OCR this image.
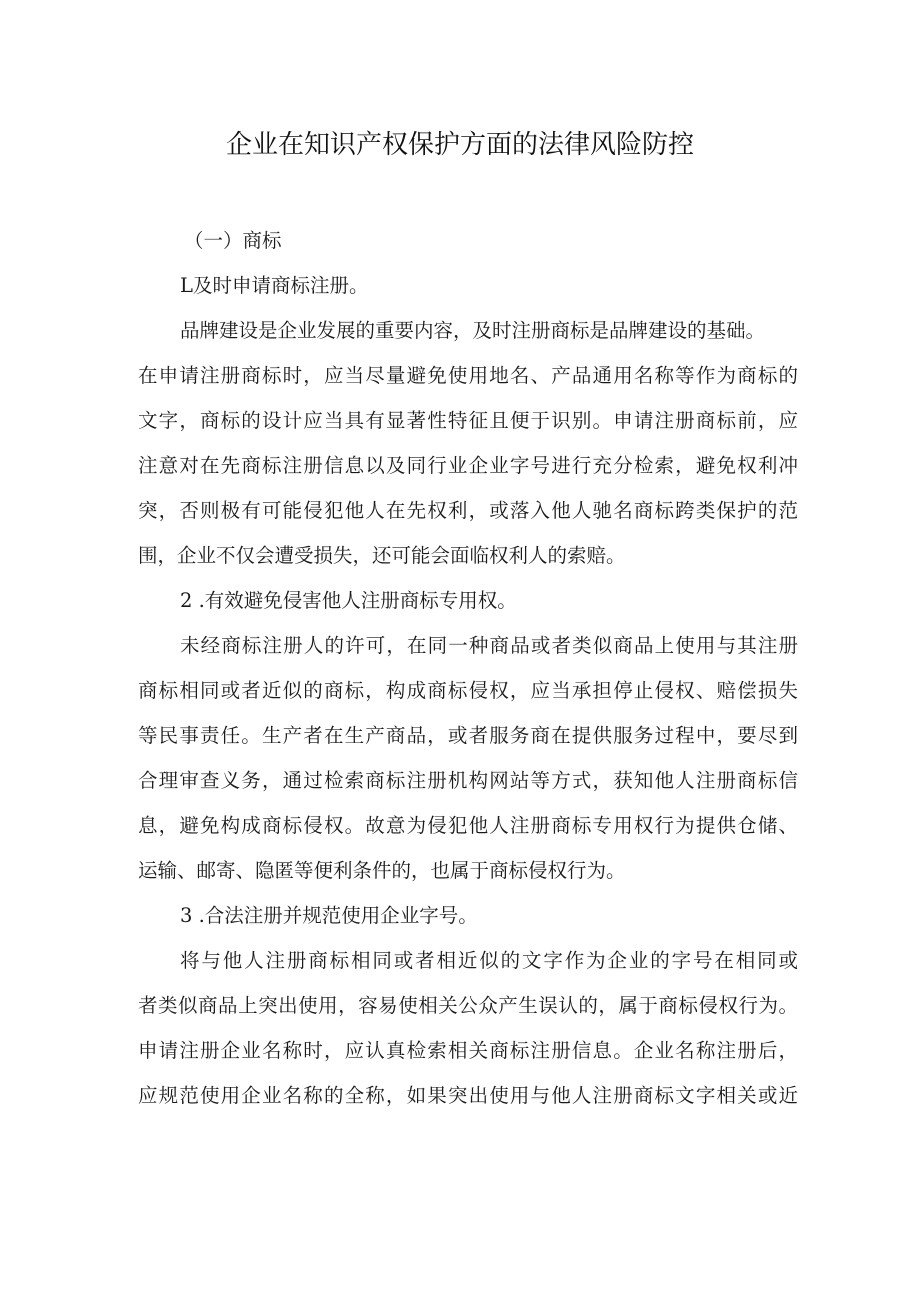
企业在知识产权保护方面的法律风险防控

（一）商标

L及时申请商标注册。

品牌建设是企业发展的重要内容，及时注册商标是品牌建设的基础。

在申请注册商标时，应当尽量避免使用地名、产品通用名称等作为商标的

文字，商标的设计应当具有显著性特征且便于识别。申请注册商标前，应

注意对在先商标注册信息以及同行业企业字号进行充分检索，避免权利冲

突，否则极有可能侵犯他人在先权利，或落入他人驰名商标跨类保护的范

围，企业不仅会遭受损失，还可能会面临权利人的索赔。

2 .有效避免侵害他人注册商标专用权。

未经商标注册人的许可，在同一种商品或者类似商品上使用与其注册

商标相同或者近似的商标，构成商标侵权，应当承担停止侵权、赔偿损失

等民事责任。生产者在生产商品，或者服务商在提供服务过程中，要尽到

合理审查义务，通过检索商标注册机构网站等方式，获知他人注册商标信

息，避免构成商标侵权。故意为侵犯他人注册商标专用权行为提供仓储、

运输、邮寄、隐匿等便利条件的，也属于商标侵权行为。

3 .合法注册并规范使用企业字号。

将与他人注册商标相同或者相近似的文字作为企业的字号在相同或

者类似商品上突出使用，容易使相关公众产生误认的，属于商标侵权行为。

申请注册企业名称时，应认真检索相关商标注册信息。企业名称注册后，

应规范使用企业名称的全称，如果突出使用与他人注册商标文字相关或近
